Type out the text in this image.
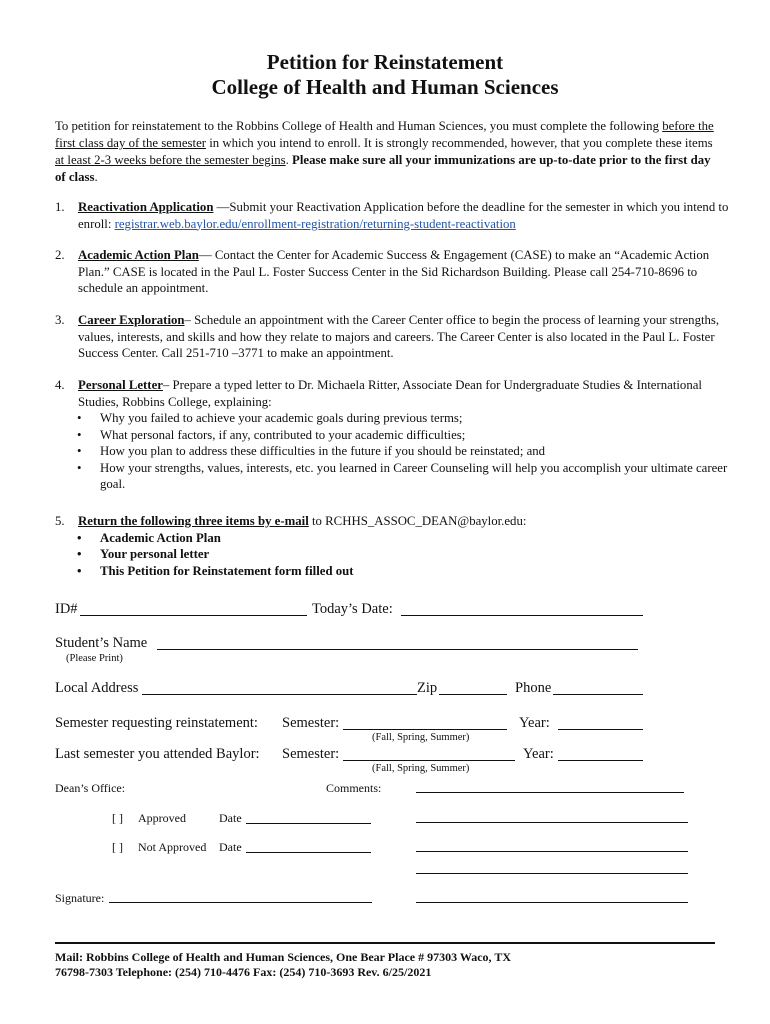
Petition for Reinstatement
College of Health and Human Sciences

To petition for reinstatement to the Robbins College of Health and Human Sciences, you must complete the following before the first class day of the semester in which you intend to enroll. It is strongly recommended, however, that you complete these items at least 2-3 weeks before the semester begins. Please make sure all your immunizations are up-to-date prior to the first day of class.

1.	Reactivation Application —Submit your Reactivation Application before the deadline for the semester in which you intend to enroll: registrar.web.baylor.edu/enrollment-registration/returning-student-reactivation
2.	Academic Action Plan— Contact the Center for Academic Success & Engagement (CASE) to make an “Academic Action Plan.” CASE is located in the Paul L. Foster Success Center in the Sid Richardson Building. Please call 254-710-8696 to schedule an appointment.
3.	Career Exploration– Schedule an appointment with the Career Center office to begin the process of learning your strengths, values, interests, and skills and how they relate to majors and careers. The Career Center is also located in the Paul L. Foster Success Center. Call 251-710 –3771 to make an appointment.
4.	Personal Letter– Prepare a typed letter to Dr. Michaela Ritter, Associate Dean for Undergraduate Studies & International Studies, Robbins College, explaining:
• Why you failed to achieve your academic goals during previous terms;
• What personal factors, if any, contributed to your academic difficulties;
• How you plan to address these difficulties in the future if you should be reinstated; and
• How your strengths, values, interests, etc. you learned in Career Counseling will help you accomplish your ultimate career goal.
5.	Return the following three items by e-mail to RCHHS_ASSOC_DEAN@baylor.edu:
• Academic Action Plan
• Your personal letter
• This Petition for Reinstatement form filled out
ID#	Today’s Date:
Student’s Name
(Please Print)
Local Address	Zip	Phone
Semester requesting reinstatement: Semester:	Year:
(Fall, Spring, Summer)
Last semester you attended Baylor: Semester:	Year:
(Fall, Spring, Summer)
Dean’s Office:	Comments:
[ ] Approved	Date
[ ] Not Approved Date
Signature:
Mail: Robbins College of Health and Human Sciences, One Bear Place # 97303 Waco, TX
76798-7303 Telephone: (254) 710-4476 Fax: (254) 710-3693 Rev. 6/25/2021
